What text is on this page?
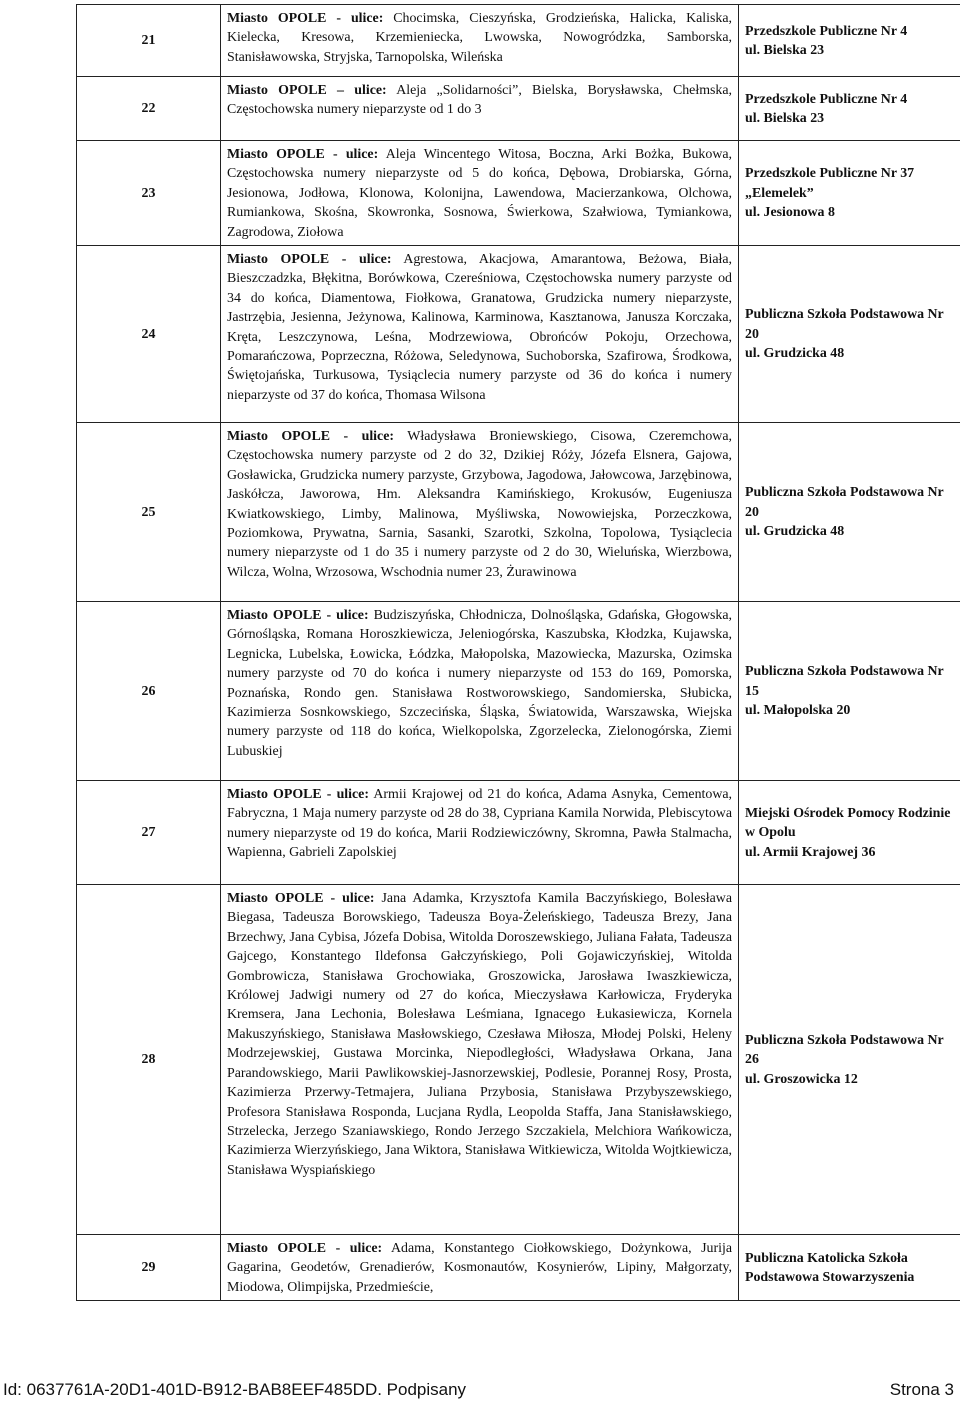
21	Miasto OPOLE - ulice: Chocimska, Cieszyńska, Grodzieńska, Halicka, Kaliska, Kielecka, Kresowa, Krzemieniecka, Lwowska, Nowogródzka, Samborska, Stanisławowska, Stryjska, Tarnopolska, Wileńska	Przedszkole Publiczne Nr 4
ul. Bielska 23
22	Miasto OPOLE – ulice: Aleja „Solidarności”, Bielska, Borysławska, Chełmska, Częstochowska numery nieparzyste od 1 do 3	Przedszkole Publiczne Nr 4
ul. Bielska 23
23	Miasto OPOLE - ulice: Aleja Wincentego Witosa, Boczna, Arki Bożka, Bukowa, Częstochowska numery nieparzyste od 5 do końca, Dębowa, Drobiarska, Górna, Jesionowa, Jodłowa, Klonowa, Kolonijna, Lawendowa, Macierzankowa, Olchowa, Rumiankowa, Skośna, Skowronka, Sosnowa, Świerkowa, Szałwiowa, Tymiankowa, Zagrodowa, Ziołowa	Przedszkole Publiczne Nr 37 „Elemelek”
ul. Jesionowa 8
24	Miasto OPOLE - ulice: Agrestowa, Akacjowa, Amarantowa, Beżowa, Biała, Bieszczadzka, Błękitna, Borówkowa, Czereśniowa, Częstochowska numery parzyste od 34 do końca, Diamentowa, Fiołkowa, Granatowa, Grudzicka numery nieparzyste, Jastrzębia, Jesienna, Jeżynowa, Kalinowa, Karminowa, Kasztanowa, Janusza Korczaka, Kręta, Leszczynowa, Leśna, Modrzewiowa, Obrońców Pokoju, Orzechowa, Pomarańczowa, Poprzeczna, Różowa, Seledynowa, Suchoborska, Szafirowa, Środkowa, Świętojańska, Turkusowa, Tysiąclecia numery parzyste od 36 do końca i numery nieparzyste od 37 do końca, Thomasa Wilsona	Publiczna Szkoła Podstawowa Nr 20
ul. Grudzicka 48
25	Miasto OPOLE - ulice: Władysława Broniewskiego, Cisowa, Czeremchowa, Częstochowska numery parzyste od 2 do 32, Dzikiej Róży, Józefa Elsnera, Gajowa, Gosławicka, Grudzicka numery parzyste, Grzybowa, Jagodowa, Jałowcowa, Jarzębinowa, Jaskółcza, Jaworowa, Hm. Aleksandra Kamińskiego, Krokusów, Eugeniusza Kwiatkowskiego, Limby, Malinowa, Myśliwska, Nowowiejska, Porzeczkowa, Poziomkowa, Prywatna, Sarnia, Sasanki, Szarotki, Szkolna, Topolowa, Tysiąclecia numery nieparzyste od 1 do 35 i numery parzyste od 2 do 30, Wieluńska, Wierzbowa, Wilcza, Wolna, Wrzosowa, Wschodnia numer 23, Żurawinowa	Publiczna Szkoła Podstawowa Nr 20
ul. Grudzicka 48
26	Miasto OPOLE - ulice: Budziszyńska, Chłodnicza, Dolnośląska, Gdańska, Głogowska, Górnośląska, Romana Horoszkiewicza, Jeleniogórska, Kaszubska, Kłodzka, Kujawska, Legnicka, Lubelska, Łowicka, Łódzka, Małopolska, Mazowiecka, Mazurska, Ozimska numery parzyste od 70 do końca i numery nieparzyste od 153 do 169, Pomorska, Poznańska, Rondo gen. Stanisława Rostworowskiego, Sandomierska, Słubicka, Kazimierza Sosnkowskiego, Szczecińska, Śląska, Światowida, Warszawska, Wiejska numery parzyste od 118 do końca, Wielkopolska, Zgorzelecka, Zielonogórska, Ziemi Lubuskiej	Publiczna Szkoła Podstawowa Nr 15
ul. Małopolska 20
27	Miasto OPOLE - ulice: Armii Krajowej od 21 do końca, Adama Asnyka, Cementowa, Fabryczna, 1 Maja numery parzyste od 28 do 38, Cypriana Kamila Norwida, Plebiscytowa numery nieparzyste od 19 do końca, Marii Rodziewiczówny, Skromna, Pawła Stalmacha, Wapienna, Gabrieli Zapolskiej	Miejski Ośrodek Pomocy Rodzinie w Opolu
ul. Armii Krajowej 36
28	Miasto OPOLE - ulice: Jana Adamka, Krzysztofa Kamila Baczyńskiego, Bolesława Biegasa, Tadeusza Borowskiego, Tadeusza Boya-Żeleńskiego, Tadeusza Brezy, Jana Brzechwy, Jana Cybisa, Józefa Dobisa, Witolda Doroszewskiego, Juliana Fałata, Tadeusza Gajcego, Konstantego Ildefonsa Gałczyńskiego, Poli Gojawiczyńskiej, Witolda Gombrowicza, Stanisława Grochowiaka, Groszowicka, Jarosława Iwaszkiewicza, Królowej Jadwigi numery od 27 do końca, Mieczysława Karłowicza, Fryderyka Kremsera, Jana Lechonia, Bolesława Leśmiana, Ignacego Łukasiewicza, Kornela Makuszyńskiego, Stanisława Masłowskiego, Czesława Miłosza, Młodej Polski, Heleny Modrzejewskiej, Gustawa Morcinka, Niepodległości, Władysława Orkana, Jana Parandowskiego, Marii Pawlikowskiej-Jasnorzewskiej, Podlesie, Porannej Rosy, Prosta, Kazimierza Przerwy-Tetmajera, Juliana Przybosia, Stanisława Przybyszewskiego, Profesora Stanisława Rospondа, Lucjana Rydla, Leopolda Staffa, Jana Stanisławskiego, Strzelecka, Jerzego Szaniawskiego, Rondo Jerzego Szczakiela, Melchiora Wańkowicza, Kazimierza Wierzyńskiego, Jana Wiktora, Stanisława Witkiewicza, Witolda Wojtkiewicza, Stanisława Wyspiańskiego	Publiczna Szkoła Podstawowa Nr 26
ul. Groszowicka 12
29	Miasto OPOLE - ulice: Adama, Konstantego Ciołkowskiego, Dożynkowa, Jurija Gagarina, Geodetów, Grenadierów, Kosmonautów, Kosynierów, Lipiny, Małgorzaty, Miodowa, Olimpijska, Przedmieście,	Publiczna Katolicka Szkoła Podstawowa Stowarzyszenia
Id: 0637761A-20D1-401D-B912-BAB8EEF485DD. Podpisany	Strona 3
